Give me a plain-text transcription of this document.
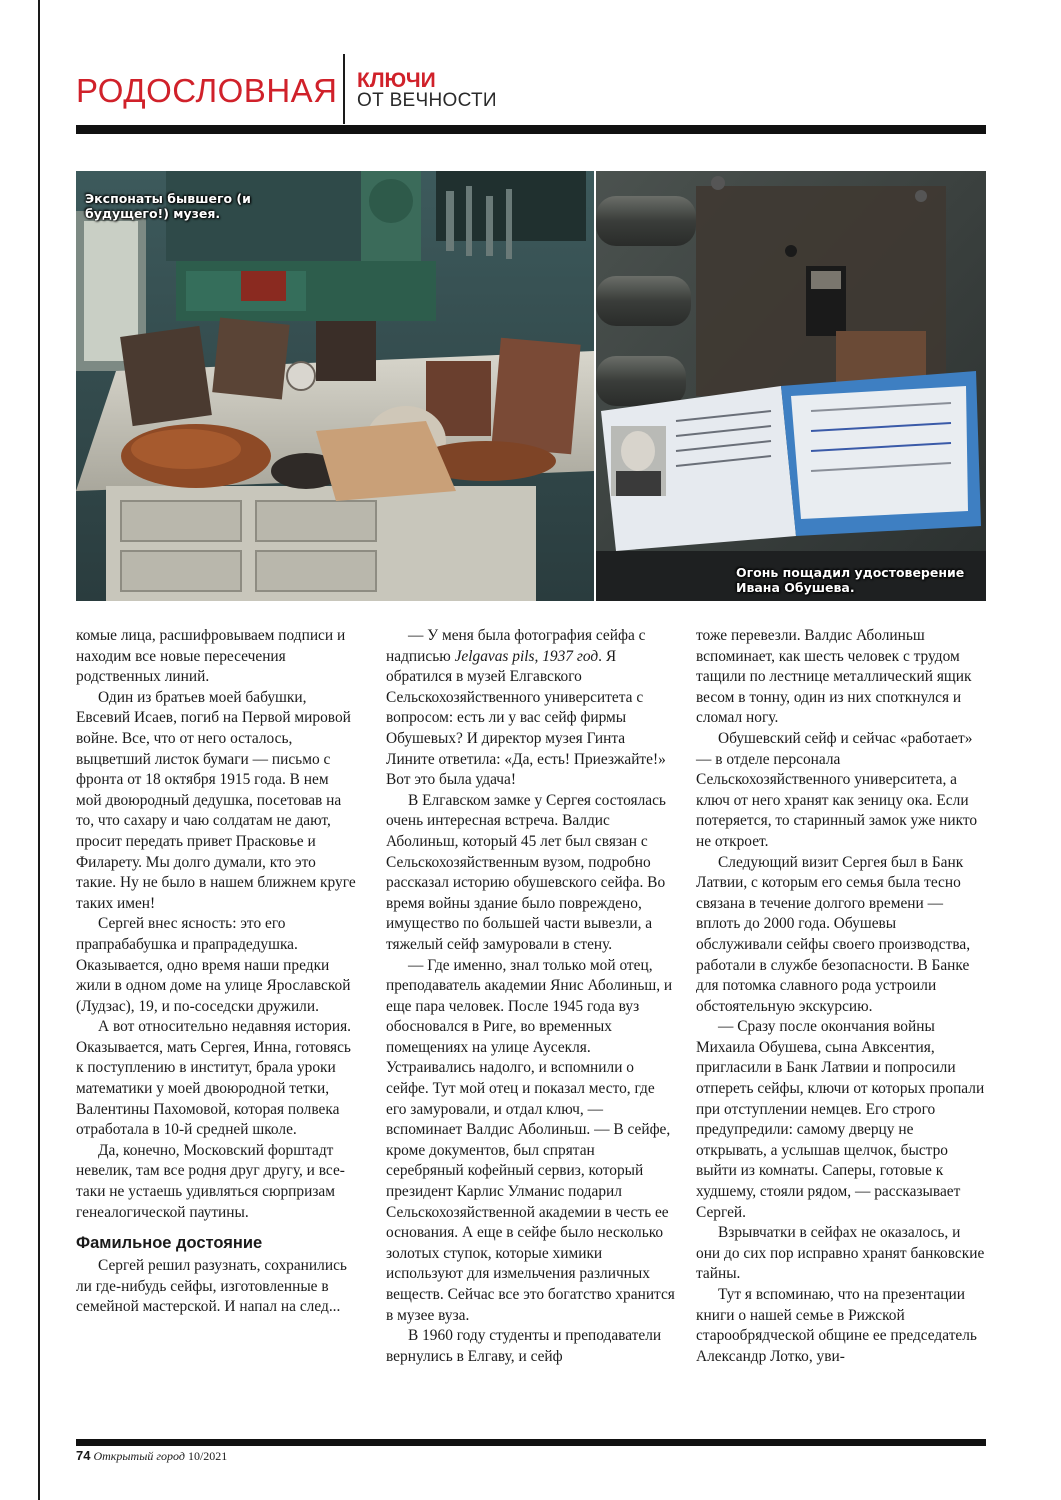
РОДОСЛОВНАЯ КЛЮЧИ
ОТ ВЕЧНОСТИ

Экспонаты бывшего (и будущего!) музея.

Огонь пощадил удостоверение Ивана Обушева.

комые лица, расшифровываем подписи и находим все новые пересечения родственных линий.

Один из братьев моей бабушки, Евсевий Исаев, погиб на Первой мировой войне. Все, что от него осталось, выцветший листок бумаги — письмо с фронта от 18 октября 1915 года. В нем мой двоюродный дедушка, посетовав на то, что сахару и чаю солдатам не дают, просит передать привет Прасковье и Филарету. Мы долго думали, кто это такие. Ну не было в нашем ближнем круге таких имен!

Сергей внес ясность: это его прапрабабушка и прапрадедушка. Оказывается, одно время наши предки жили в одном доме на улице Ярославской (Лудзас), 19, и по-соседски дружили.

А вот относительно недавняя история. Оказывается, мать Сергея, Инна, готовясь к поступлению в институт, брала уроки математики у моей двоюродной тетки, Валентины Пахомовой, которая полвека отработала в 10-й средней школе.

Да, конечно, Московский форштадт невелик, там все родня друг другу, и все-таки не устаешь удивляться сюрпризам генеалогической паутины.

Фамильное достояние

Сергей решил разузнать, сохранились ли где-нибудь сейфы, изготовленные в семейной мастерской. И напал на след...

— У меня была фотография сейфа с надписью Jelgavas pils, 1937 год. Я обратился в музей Елгавского Сельскохозяйственного университета с вопросом: есть ли у вас сейф фирмы Обушевых? И директор музея Гинта Лините ответила: «Да, есть! Приезжайте!» Вот это была удача!

В Елгавском замке у Сергея состоялась очень интересная встреча. Валдис Аболиньш, который 45 лет был связан с Сельскохозяйственным вузом, подробно рассказал историю обушевского сейфа. Во время войны здание было повреждено, имущество по большей части вывезли, а тяжелый сейф замуровали в стену.

— Где именно, знал только мой отец, преподаватель академии Янис Аболиньш, и еще пара человек. После 1945 года вуз обосновался в Риге, во временных помещениях на улице Аусекля. Устраивались надолго, и вспомнили о сейфе. Тут мой отец и показал место, где его замуровали, и отдал ключ, — вспоминает Валдис Аболиньш. — В сейфе, кроме документов, был спрятан серебряный кофейный сервиз, который президент Карлис Улманис подарил Сельскохозяйственной академии в честь ее основания. А еще в сейфе было несколько золотых ступок, которые химики используют для измельчения различных веществ. Сейчас все это богатство хранится в музее вуза.

В 1960 году студенты и преподаватели вернулись в Елгаву, и сейф

тоже перевезли. Валдис Аболиньш вспоминает, как шесть человек с трудом тащили по лестнице металлический ящик весом в тонну, один из них споткнулся и сломал ногу.

Обушевский сейф и сейчас «работает» — в отделе персонала Сельскохозяйственного университета, а ключ от него хранят как зеницу ока. Если потеряется, то старинный замок уже никто не откроет.

Следующий визит Сергея был в Банк Латвии, с которым его семья была тесно связана в течение долгого времени — вплоть до 2000 года. Обушевы обслуживали сейфы своего производства, работали в службе безопасности. В Банке для потомка славного рода устроили обстоятельную экскурсию.

— Сразу после окончания войны Михаила Обушева, сына Авксентия, пригласили в Банк Латвии и попросили отпереть сейфы, ключи от которых пропали при отступлении немцев. Его строго предупредили: самому дверцу не открывать, а услышав щелчок, быстро выйти из комнаты. Саперы, готовые к худшему, стояли рядом, — рассказывает Сергей.

Взрывчатки в сейфах не оказалось, и они до сих пор исправно хранят банковские тайны.

Тут я вспоминаю, что на презентации книги о нашей семье в Рижской старообрядческой общине ее председатель Александр Лотко, уви-

74 Открытый город 10/2021
